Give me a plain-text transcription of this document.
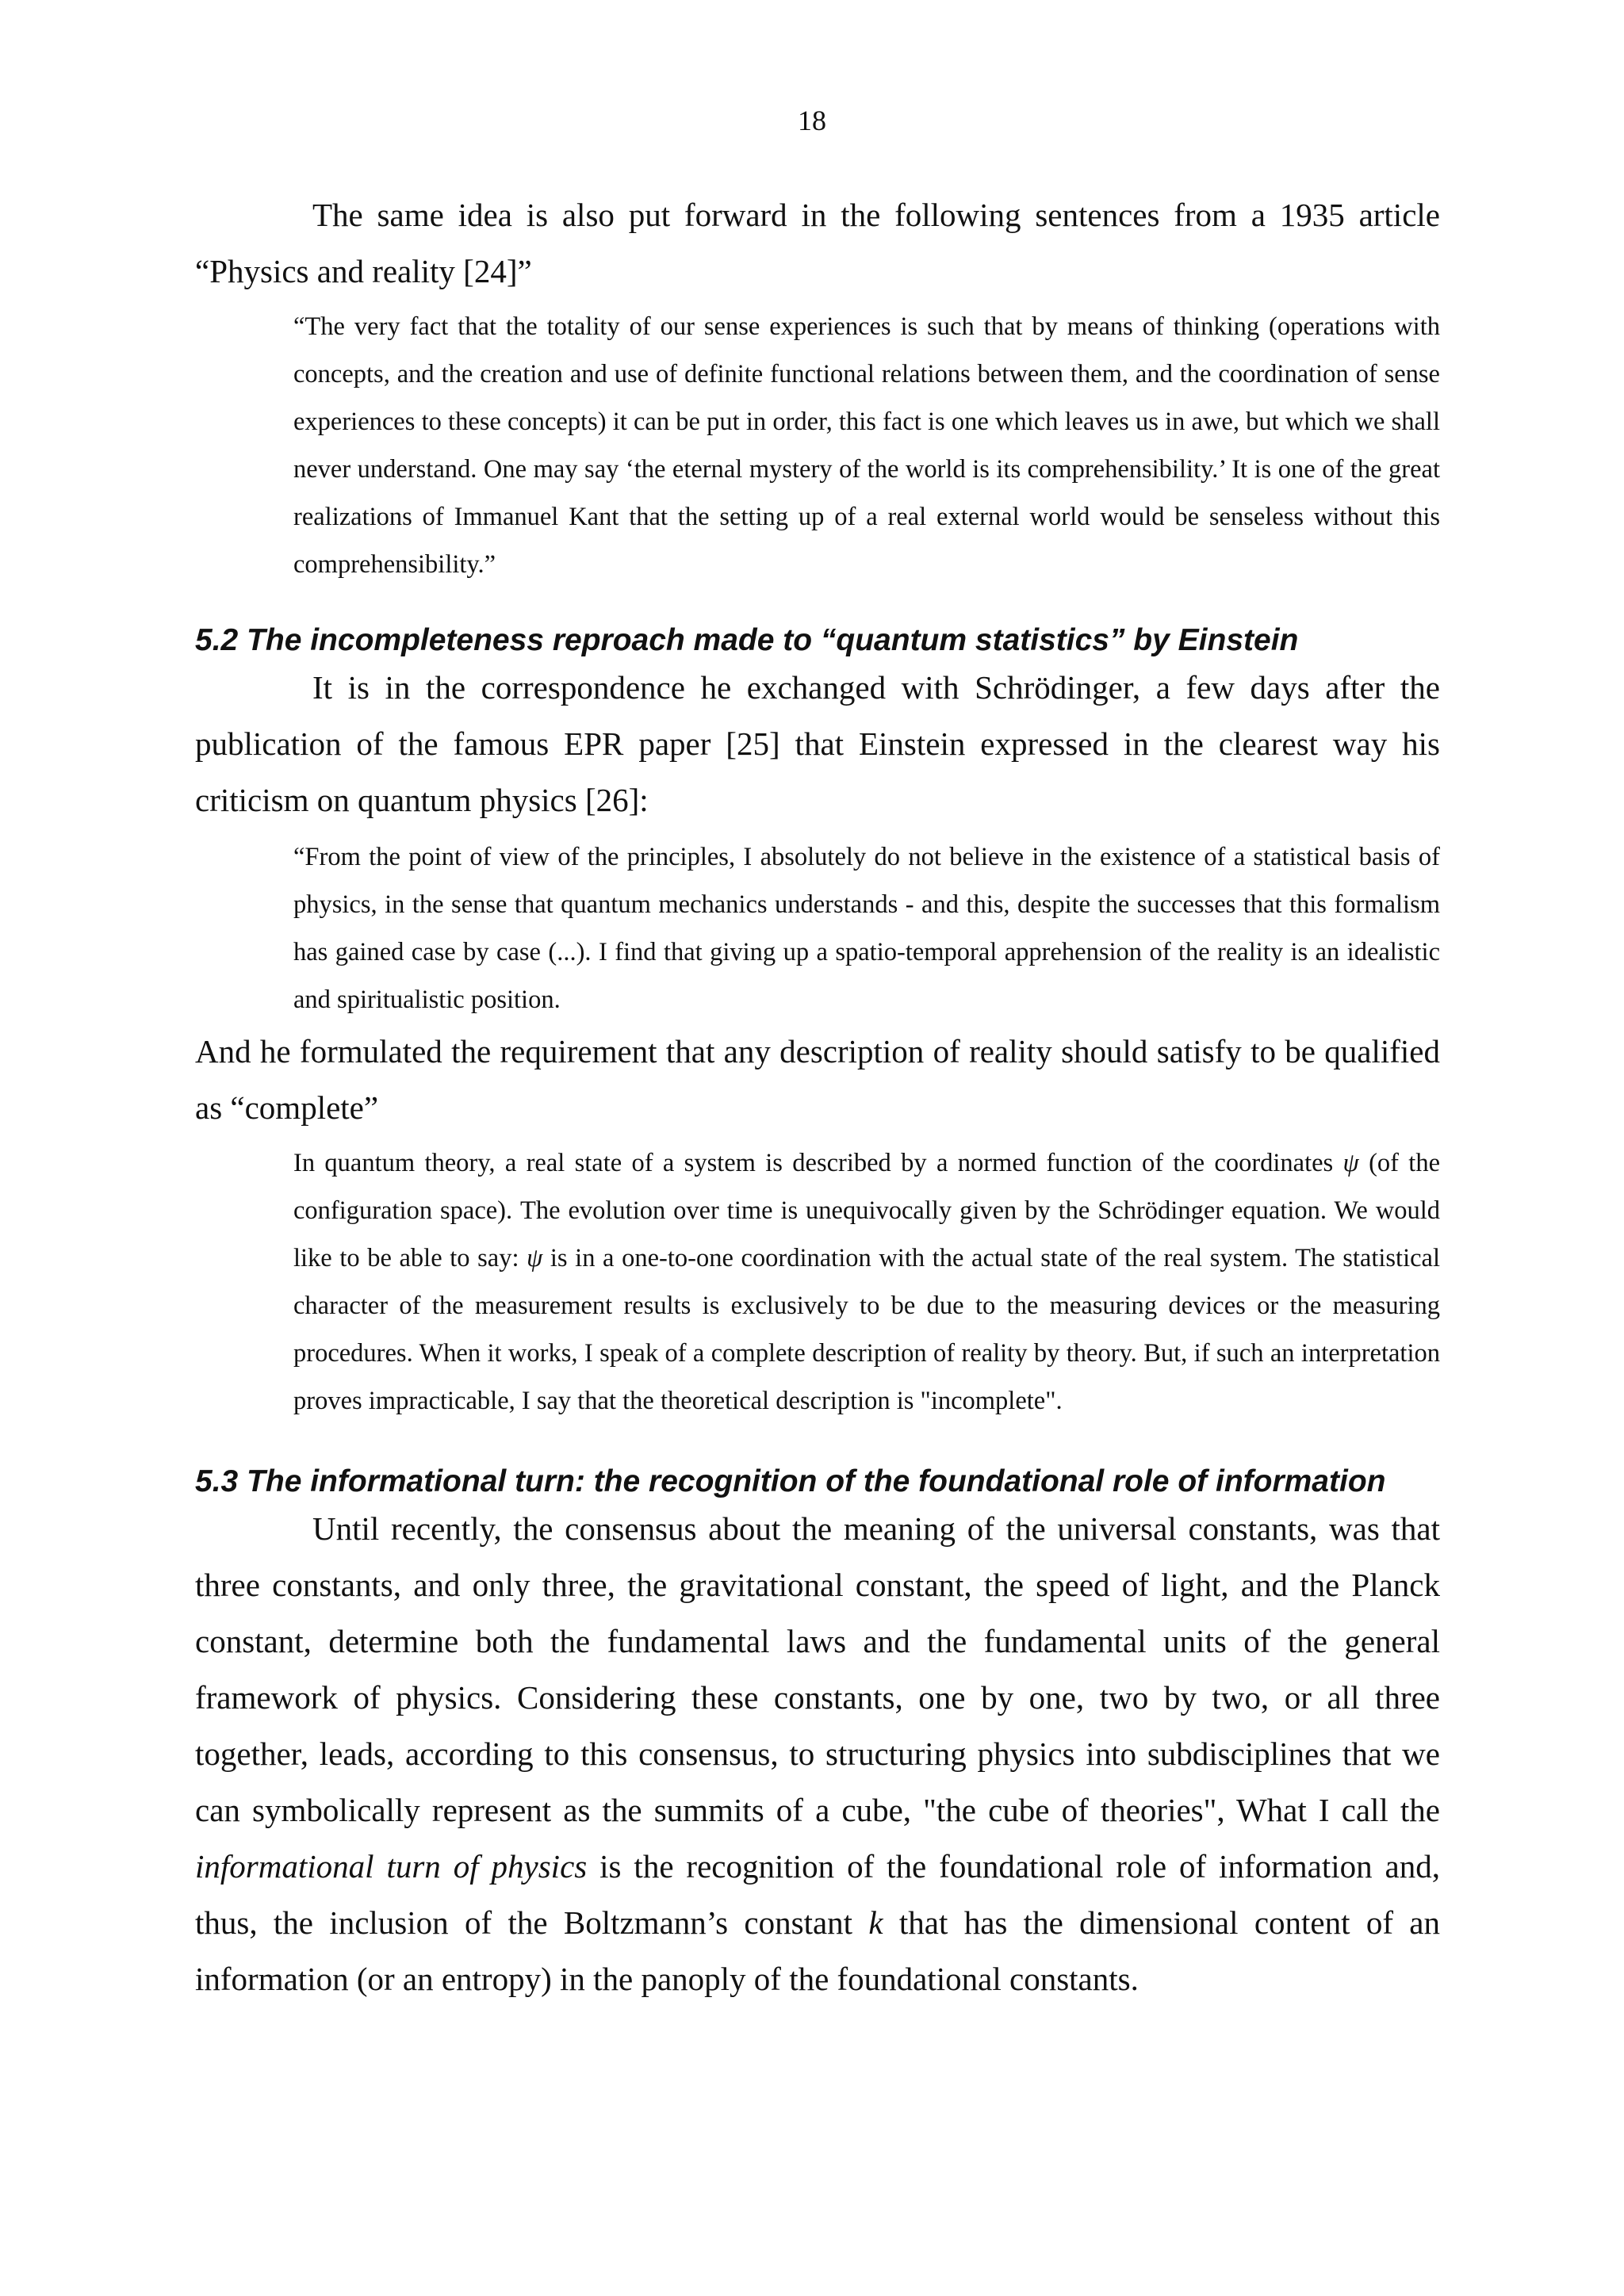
18

The same idea is also put forward in the following sentences from a 1935 article “Physics and reality [24]”

“The very fact that the totality of our sense experiences is such that by means of thinking (operations with concepts, and the creation and use of definite functional relations between them, and the coordination of sense experiences to these concepts) it can be put in order, this fact is one which leaves us in awe, but which we shall never understand. One may say ‘the eternal mystery of the world is its comprehensibility.’ It is one of the great realizations of Immanuel Kant that the setting up of a real external world would be senseless without this comprehensibility.”

5.2 The incompleteness reproach made to “quantum statistics” by Einstein

It is in the correspondence he exchanged with Schrödinger, a few days after the publication of the famous EPR paper [25] that Einstein expressed in the clearest way his criticism on quantum physics [26]:

“From the point of view of the principles, I absolutely do not believe in the existence of a statistical basis of physics, in the sense that quantum mechanics understands - and this, despite the successes that this formalism has gained case by case (...). I find that giving up a spatio-temporal apprehension of the reality is an idealistic and spiritualistic position.

And he formulated the requirement that any description of reality should satisfy to be qualified as “complete”

In quantum theory, a real state of a system is described by a normed function of the coordinates ψ (of the configuration space). The evolution over time is unequivocally given by the Schrödinger equation. We would like to be able to say: ψ is in a one-to-one coordination with the actual state of the real system. The statistical character of the measurement results is exclusively to be due to the measuring devices or the measuring procedures. When it works, I speak of a complete description of reality by theory. But, if such an interpretation proves impracticable, I say that the theoretical description is "incomplete".

5.3 The informational turn: the recognition of the foundational role of information

Until recently, the consensus about the meaning of the universal constants, was that three constants, and only three, the gravitational constant, the speed of light, and the Planck constant, determine both the fundamental laws and the fundamental units of the general framework of physics. Considering these constants, one by one, two by two, or all three together, leads, according to this consensus, to structuring physics into subdisciplines that we can symbolically represent as the summits of a cube, "the cube of theories", What I call the informational turn of physics is the recognition of the foundational role of information and, thus, the inclusion of the Boltzmann’s constant k that has the dimensional content of an information (or an entropy) in the panoply of the foundational constants.
